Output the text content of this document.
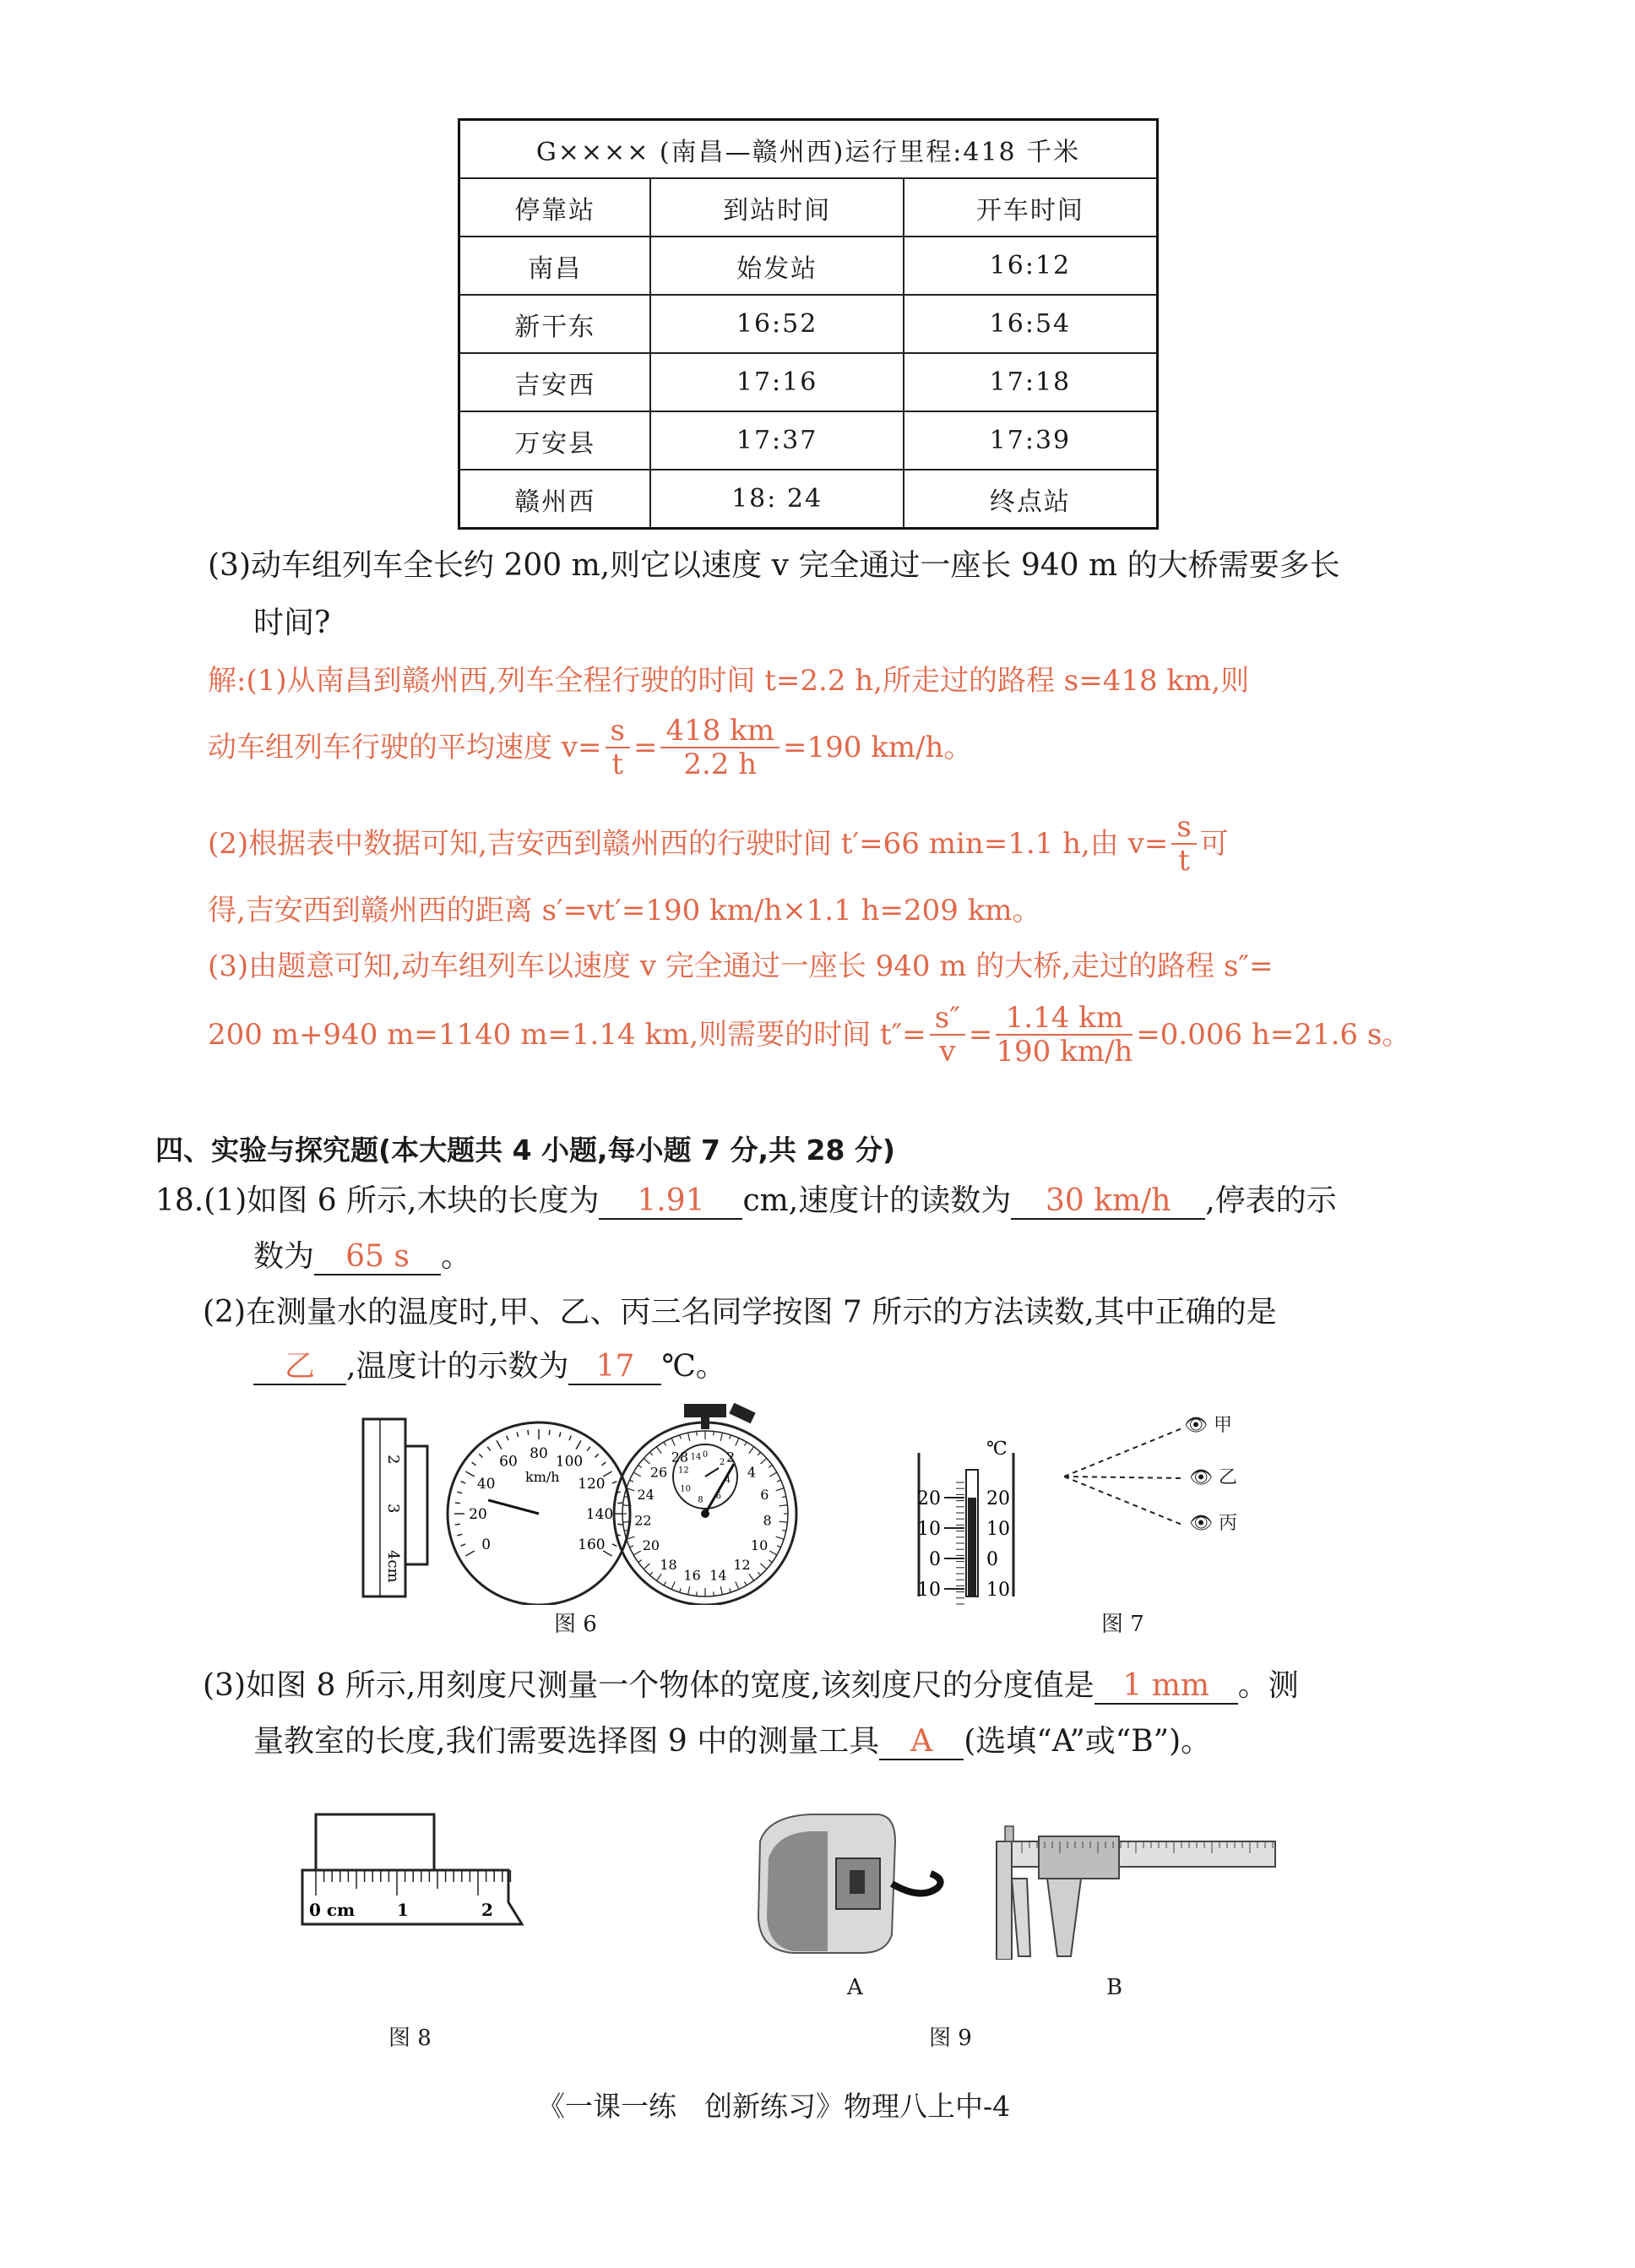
G×××× (南昌—赣州西)运行里程:418 千米		
停靠站	到站时间	开车时间
南昌	始发站	16:12
新干东	16:52	16:54
吉安西	17:16	17:18
万安县	17:37	17:39
赣州西	18: 24	终点站
(3)动车组列车全长约 200 m,则它以速度 v 完全通过一座长 940 m 的大桥需要多长
时间?
解:(1)从南昌到赣州西,列车全程行驶的时间 t=2.2 h,所走过的路程 s=418 km,则
动车组列车行驶的平均速度 $v= \frac{s}{t} = \frac{418 km}{2.2 h} =190$ km/h。
(2)根据表中数据可知,吉安西到赣州西的行驶时间 t′=66 min=1.1 h,由 $v= \frac{s}{t}$ 可
得,吉安西到赣州西的距离 s′=vt′=190 km/h×1.1 h=209 km。
(3)由题意可知,动车组列车以速度 v 完全通过一座长 940 m 的大桥,走过的路程 s″=
200 m+940 m=1140 m=1.14 km,则需要的时间 $t''= \frac{s''}{v} = \frac{1.14 km}{190 km/h} =0.006$ h=21.6 s。
四、实验与探究题(本大题共 4 小题,每小题 7 分,共 28 分)
18.(1)如图 6 所示,木块的长度为 1.91 cm,速度计的读数为 30 km/h ,停表的示
数为 65 s 。
(2)在测量水的温度时,甲、乙、丙三名同学按图 7 所示的方法读数,其中正确的是
乙 ,温度计的示数为 17 ℃。
2
3
4cm
km/h
0
20
40
60 80 100
120
140
160
2
4
6
8
10
12
14
16
18
20
22
24
26
28 0
2
4
6
8
10
12
14	℃
20
10
0
10
20
10
0
10
👁 甲
👁 乙
👁 丙
图 6	图 7
(3)如图 8 所示,用刻度尺测量一个物体的宽度,该刻度尺的分度值是 1 mm 。测
量教室的长度,我们需要选择图 9 中的测量工具 A (选填“A”或“B”)。
0 cm 1	2
A	B
图 8	图 9
《一课一练　创新练习》物理八上中-4
